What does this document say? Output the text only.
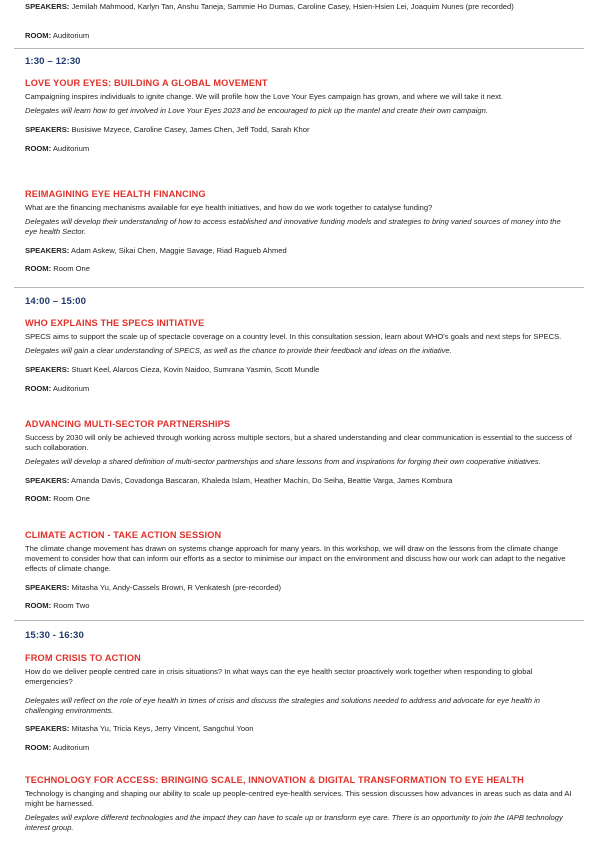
SPEAKERS: Jemilah Mahmood, Karlyn Tan, Anshu Taneja, Sammie Ho Dumas, Caroline Casey, Hsien-Hsien Lei, Joaquim Nunes (pre recorded)
ROOM: Auditorium
1:30 – 12:30
LOVE YOUR EYES: BUILDING A GLOBAL MOVEMENT
Campaigning inspires individuals to ignite change. We will profile how the Love Your Eyes campaign has grown, and where we will take it next.
Delegates will learn how to get involved in Love Your Eyes 2023 and be encouraged to pick up the mantel and create their own campaign.
SPEAKERS: Busisiwe Mzyece, Caroline Casey, James Chen, Jeff Todd, Sarah Khor
ROOM: Auditorium
REIMAGINING EYE HEALTH FINANCING
What are the financing mechanisms available for eye health initiatives, and how do we work together to catalyse funding?
Delegates will develop their understanding of how to access established and innovative funding models and strategies to bring varied sources of money into the eye health Sector.
SPEAKERS: Adam Askew, Sikai Chen, Maggie Savage, Riad Ragueb Ahmed
ROOM: Room One
14:00 – 15:00
WHO EXPLAINS THE SPECS INITIATIVE
SPECS aims to support the scale up of spectacle coverage on a country level. In this consultation session, learn about WHO's goals and next steps for SPECS.
Delegates will gain a clear understanding of SPECS, as well as the chance to provide their feedback and ideas on the initiative.
SPEAKERS: Stuart Keel, Alarcos Cieza, Kovin Naidoo, Sumrana Yasmin, Scott Mundle
ROOM: Auditorium
ADVANCING MULTI-SECTOR PARTNERSHIPS
Success by 2030 will only be achieved through working across multiple sectors, but a shared understanding and clear communication is essential to the success of such collaboration.
Delegates will develop a shared definition of multi-sector partnerships and share lessons from and inspirations for forging their own cooperative initiatives.
SPEAKERS: Amanda Davis, Covadonga Bascaran, Khaleda Islam, Heather Machin, Do Seiha, Beattie Varga, James Kombura
ROOM: Room One
CLIMATE ACTION - TAKE ACTION SESSION
The climate change movement has drawn on systems change approach for many years. In this workshop, we will draw on the lessons from the climate change movement to consider how that can inform our efforts as a sector to minimise our impact on the environment and discuss how our work can adapt to the negative effects of climate change.
SPEAKERS: Mitasha Yu, Andy-Cassels Brown, R Venkatesh (pre-recorded)
ROOM: Room Two
15:30 - 16:30
FROM CRISIS TO ACTION
How do we deliver people centred care in crisis situations? In what ways can the eye health sector proactively work together when responding to global emergencies?
Delegates will reflect on the role of eye health in times of crisis and discuss the strategies and solutions needed to address and advocate for eye health in challenging environments.
SPEAKERS: Mitasha Yu, Tricia Keys, Jerry Vincent, Sangchul Yoon
ROOM: Auditorium
TECHNOLOGY FOR ACCESS: BRINGING SCALE, INNOVATION & DIGITAL TRANSFORMATION TO EYE HEALTH
Technology is changing and shaping our ability to scale up people-centred eye-health services. This session discusses how advances in areas such as data and AI might be harnessed.
Delegates will explore different technologies and the impact they can have to scale up or transform eye care. There is an opportunity to join the IAPB technology interest group.
